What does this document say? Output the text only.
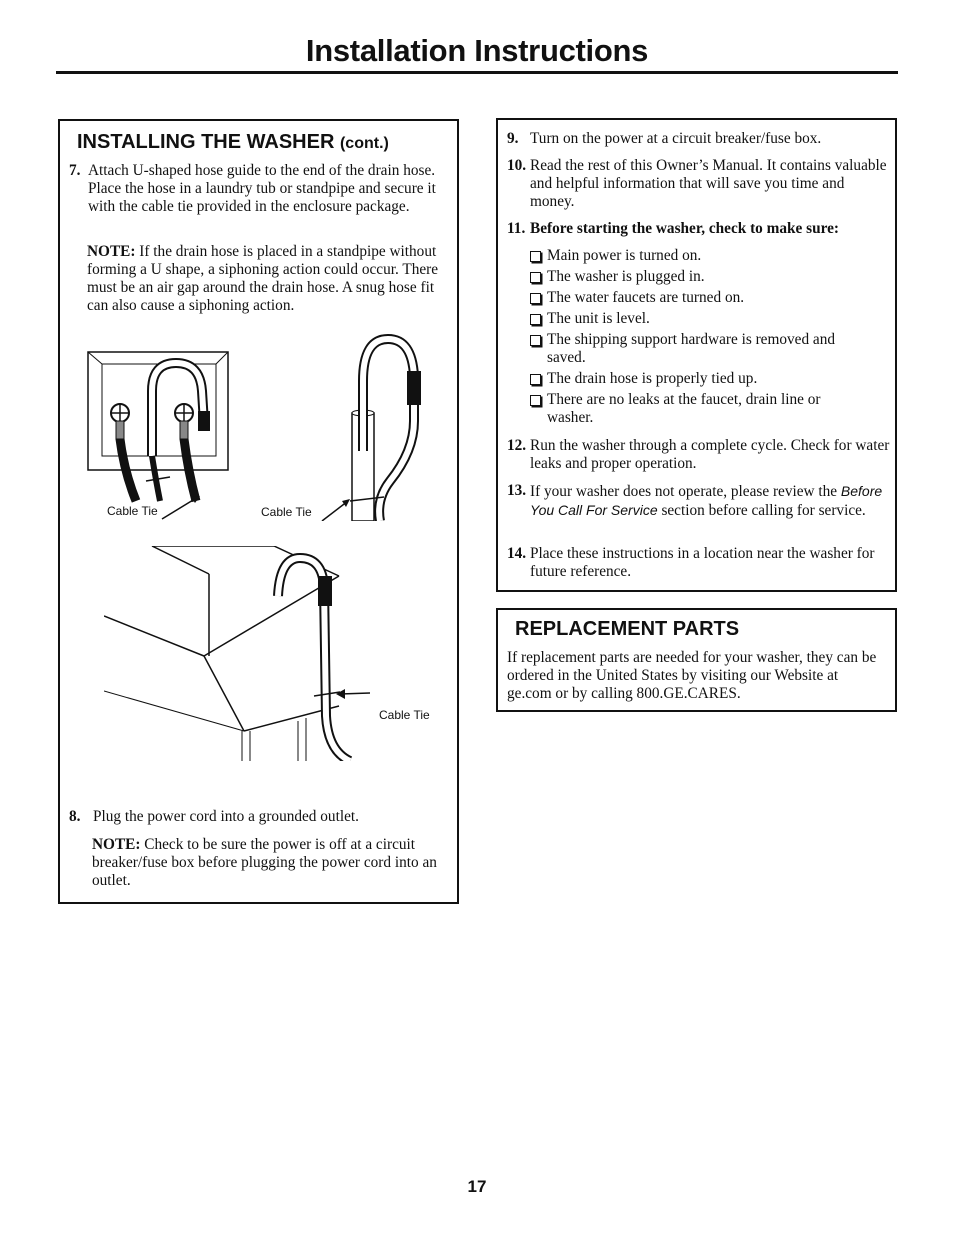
Installation Instructions
INSTALLING THE WASHER (cont.)
7. Attach U-shaped hose guide to the end of the drain hose. Place the hose in a laundry tub or standpipe and secure it with the cable tie provided in the enclosure package.
NOTE: If the drain hose is placed in a standpipe without forming a U shape, a siphoning action could occur. There must be an air gap around the drain hose. A snug hose fit can also cause a siphoning action.
Cable Tie	Cable Tie
Cable Tie
8. Plug the power cord into a grounded outlet.
NOTE: Check to be sure the power is off at a circuit breaker/fuse box before plugging the power cord into an outlet.
9. Turn on the power at a circuit breaker/fuse box.
10. Read the rest of this Owner’s Manual. It contains valuable and helpful information that will save you time and money.
11. Before starting the washer, check to make sure:
Main power is turned on.
The washer is plugged in.
The water faucets are turned on.
The unit is level.
The shipping support hardware is removed and saved.
The drain hose is properly tied up.
There are no leaks at the faucet, drain line or washer.
12. Run the washer through a complete cycle. Check for water leaks and proper operation.
13. If your washer does not operate, please review the Before You Call For Service section before calling for service.
14. Place these instructions in a location near the washer for future reference.
REPLACEMENT PARTS
If replacement parts are needed for your washer, they can be ordered in the United States by visiting our Website at ge.com or by calling 800.GE.CARES.
17
